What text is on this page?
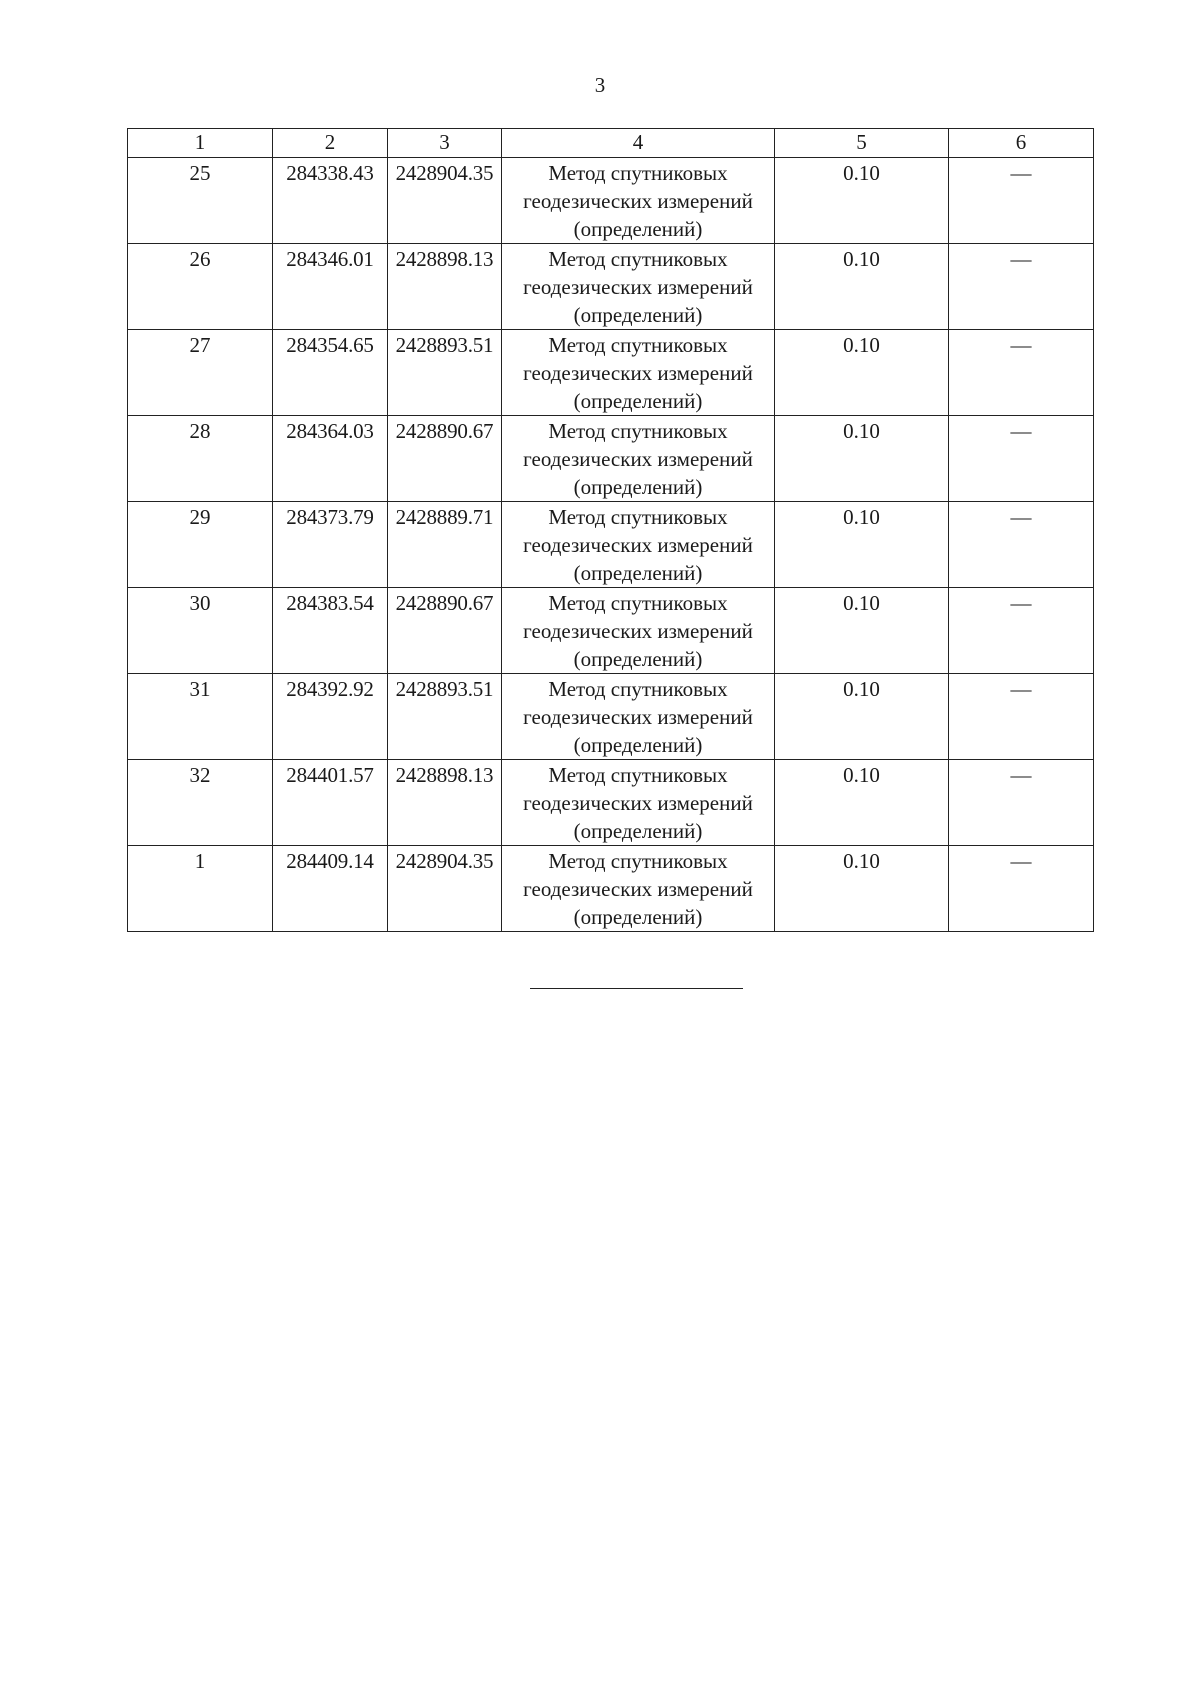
3
1	2	3	4	5	6
25	284338.43	2428904.35	Метод спутниковых геодезических измерений (определений)	0.10	—
26	284346.01	2428898.13	Метод спутниковых геодезических измерений (определений)	0.10	—
27	284354.65	2428893.51	Метод спутниковых геодезических измерений (определений)	0.10	—
28	284364.03	2428890.67	Метод спутниковых геодезических измерений (определений)	0.10	—
29	284373.79	2428889.71	Метод спутниковых геодезических измерений (определений)	0.10	—
30	284383.54	2428890.67	Метод спутниковых геодезических измерений (определений)	0.10	—
31	284392.92	2428893.51	Метод спутниковых геодезических измерений (определений)	0.10	—
32	284401.57	2428898.13	Метод спутниковых геодезических измерений (определений)	0.10	—
1	284409.14	2428904.35	Метод спутниковых геодезических измерений (определений)	0.10	—
